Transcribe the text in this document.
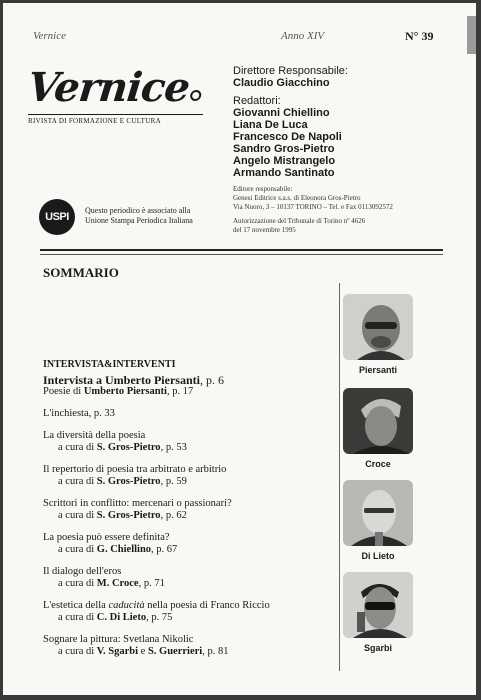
Vernice	Anno XIV	N° 39
Vernice
RIVISTA DI FORMAZIONE E CULTURA
Direttore Responsabile:
Claudio Giacchino
Redattori:
Giovanni Chiellino
Liana De Luca
Francesco De Napoli
Sandro Gros-Pietro
Angelo Mistrangelo
Armando Santinato
Editore responsabile:
Genesi Editrice s.a.s. di Eleonora Gros-Pietro
Via Nuoro, 3 – 10137 TORINO – Tel. e Fax 0113092572
Autorizzazione del Tribunale di Torino nº 4626
del 17 novembre 1995
USPI
Questo periodico è associato alla
Unione Stampa Periodica Italiana
SOMMARIO
INTERVISTA&INTERVENTI
Intervista a Umberto Piersanti, p. 6
Poesie di Umberto Piersanti, p. 17
L'inchiesta, p. 33
La diversità della poesia
a cura di S. Gros-Pietro, p. 53
Il repertorio di poesia tra arbitrato e arbitrio
a cura di S. Gros-Pietro, p. 59
Scrittori in conflitto: mercenari o passionari?
a cura di S. Gros-Pietro, p. 62
La poesia può essere definita?
a cura di G. Chiellino, p. 67
Il dialogo dell'eros
a cura di M. Croce, p. 71
L'estetica della caducità nella poesia di Franco Riccio
a cura di C. Di Lieto, p. 75
Sognare la pittura: Svetlana Nikolic
a cura di V. Sgarbi e S. Guerrieri, p. 81
Piersanti
Croce
Di Lieto
Sgarbi
